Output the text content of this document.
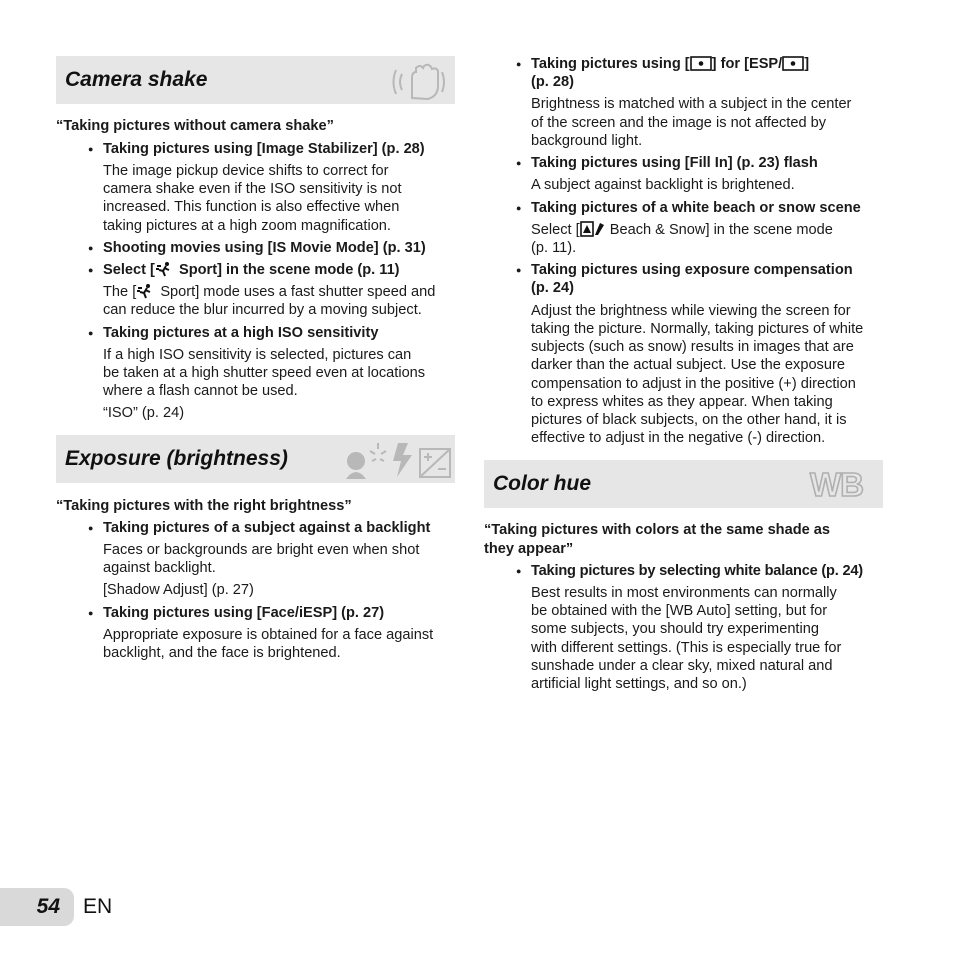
Camera shake

“Taking pictures without camera shake”

● Taking pictures using [Image Stabilizer] (p. 28)

The image pickup device shifts to correct for

camera shake even if the ISO sensitivity is not

increased. This function is also effective when

taking pictures at a high zoom magnification.

● Shooting movies using [IS Movie Mode] (p. 31)

● Select [ Sport] in the scene mode (p. 11)

The [ Sport] mode uses a fast shutter speed and

can reduce the blur incurred by a moving subject.

● Taking pictures at a high ISO sensitivity

If a high ISO sensitivity is selected, pictures can

be taken at a high shutter speed even at locations

where a flash cannot be used.

“ISO” (p. 24)

Exposure (brightness)

“Taking pictures with the right brightness”

● Taking pictures of a subject against a backlight

Faces or backgrounds are bright even when shot

against backlight.

[Shadow Adjust] (p. 27)

● Taking pictures using [Face/iESP] (p. 27)

Appropriate exposure is obtained for a face against

backlight, and the face is brightened.

● Taking pictures using [ ] for [ESP/ ]

(p. 28)

Brightness is matched with a subject in the center

of the screen and the image is not affected by

background light.

● Taking pictures using [Fill In] (p. 23) flash

A subject against backlight is brightened.

● Taking pictures of a white beach or snow scene

Select [ Beach & Snow] in the scene mode

(p. 11).

● Taking pictures using exposure compensation

(p. 24)

Adjust the brightness while viewing the screen for

taking the picture. Normally, taking pictures of white

subjects (such as snow) results in images that are

darker than the actual subject. Use the exposure

compensation to adjust in the positive (+) direction

to express whites as they appear. When taking

pictures of black subjects, on the other hand, it is

effective to adjust in the negative (-) direction.

Color hue	WB

“Taking pictures with colors at the same shade as

they appear”

● Taking pictures by selecting white balance (p. 24)

Best results in most environments can normally

be obtained with the [WB Auto] setting, but for

some subjects, you should try experimenting

with different settings. (This is especially true for

sunshade under a clear sky, mixed natural and

artificial light settings, and so on.)

54 EN
